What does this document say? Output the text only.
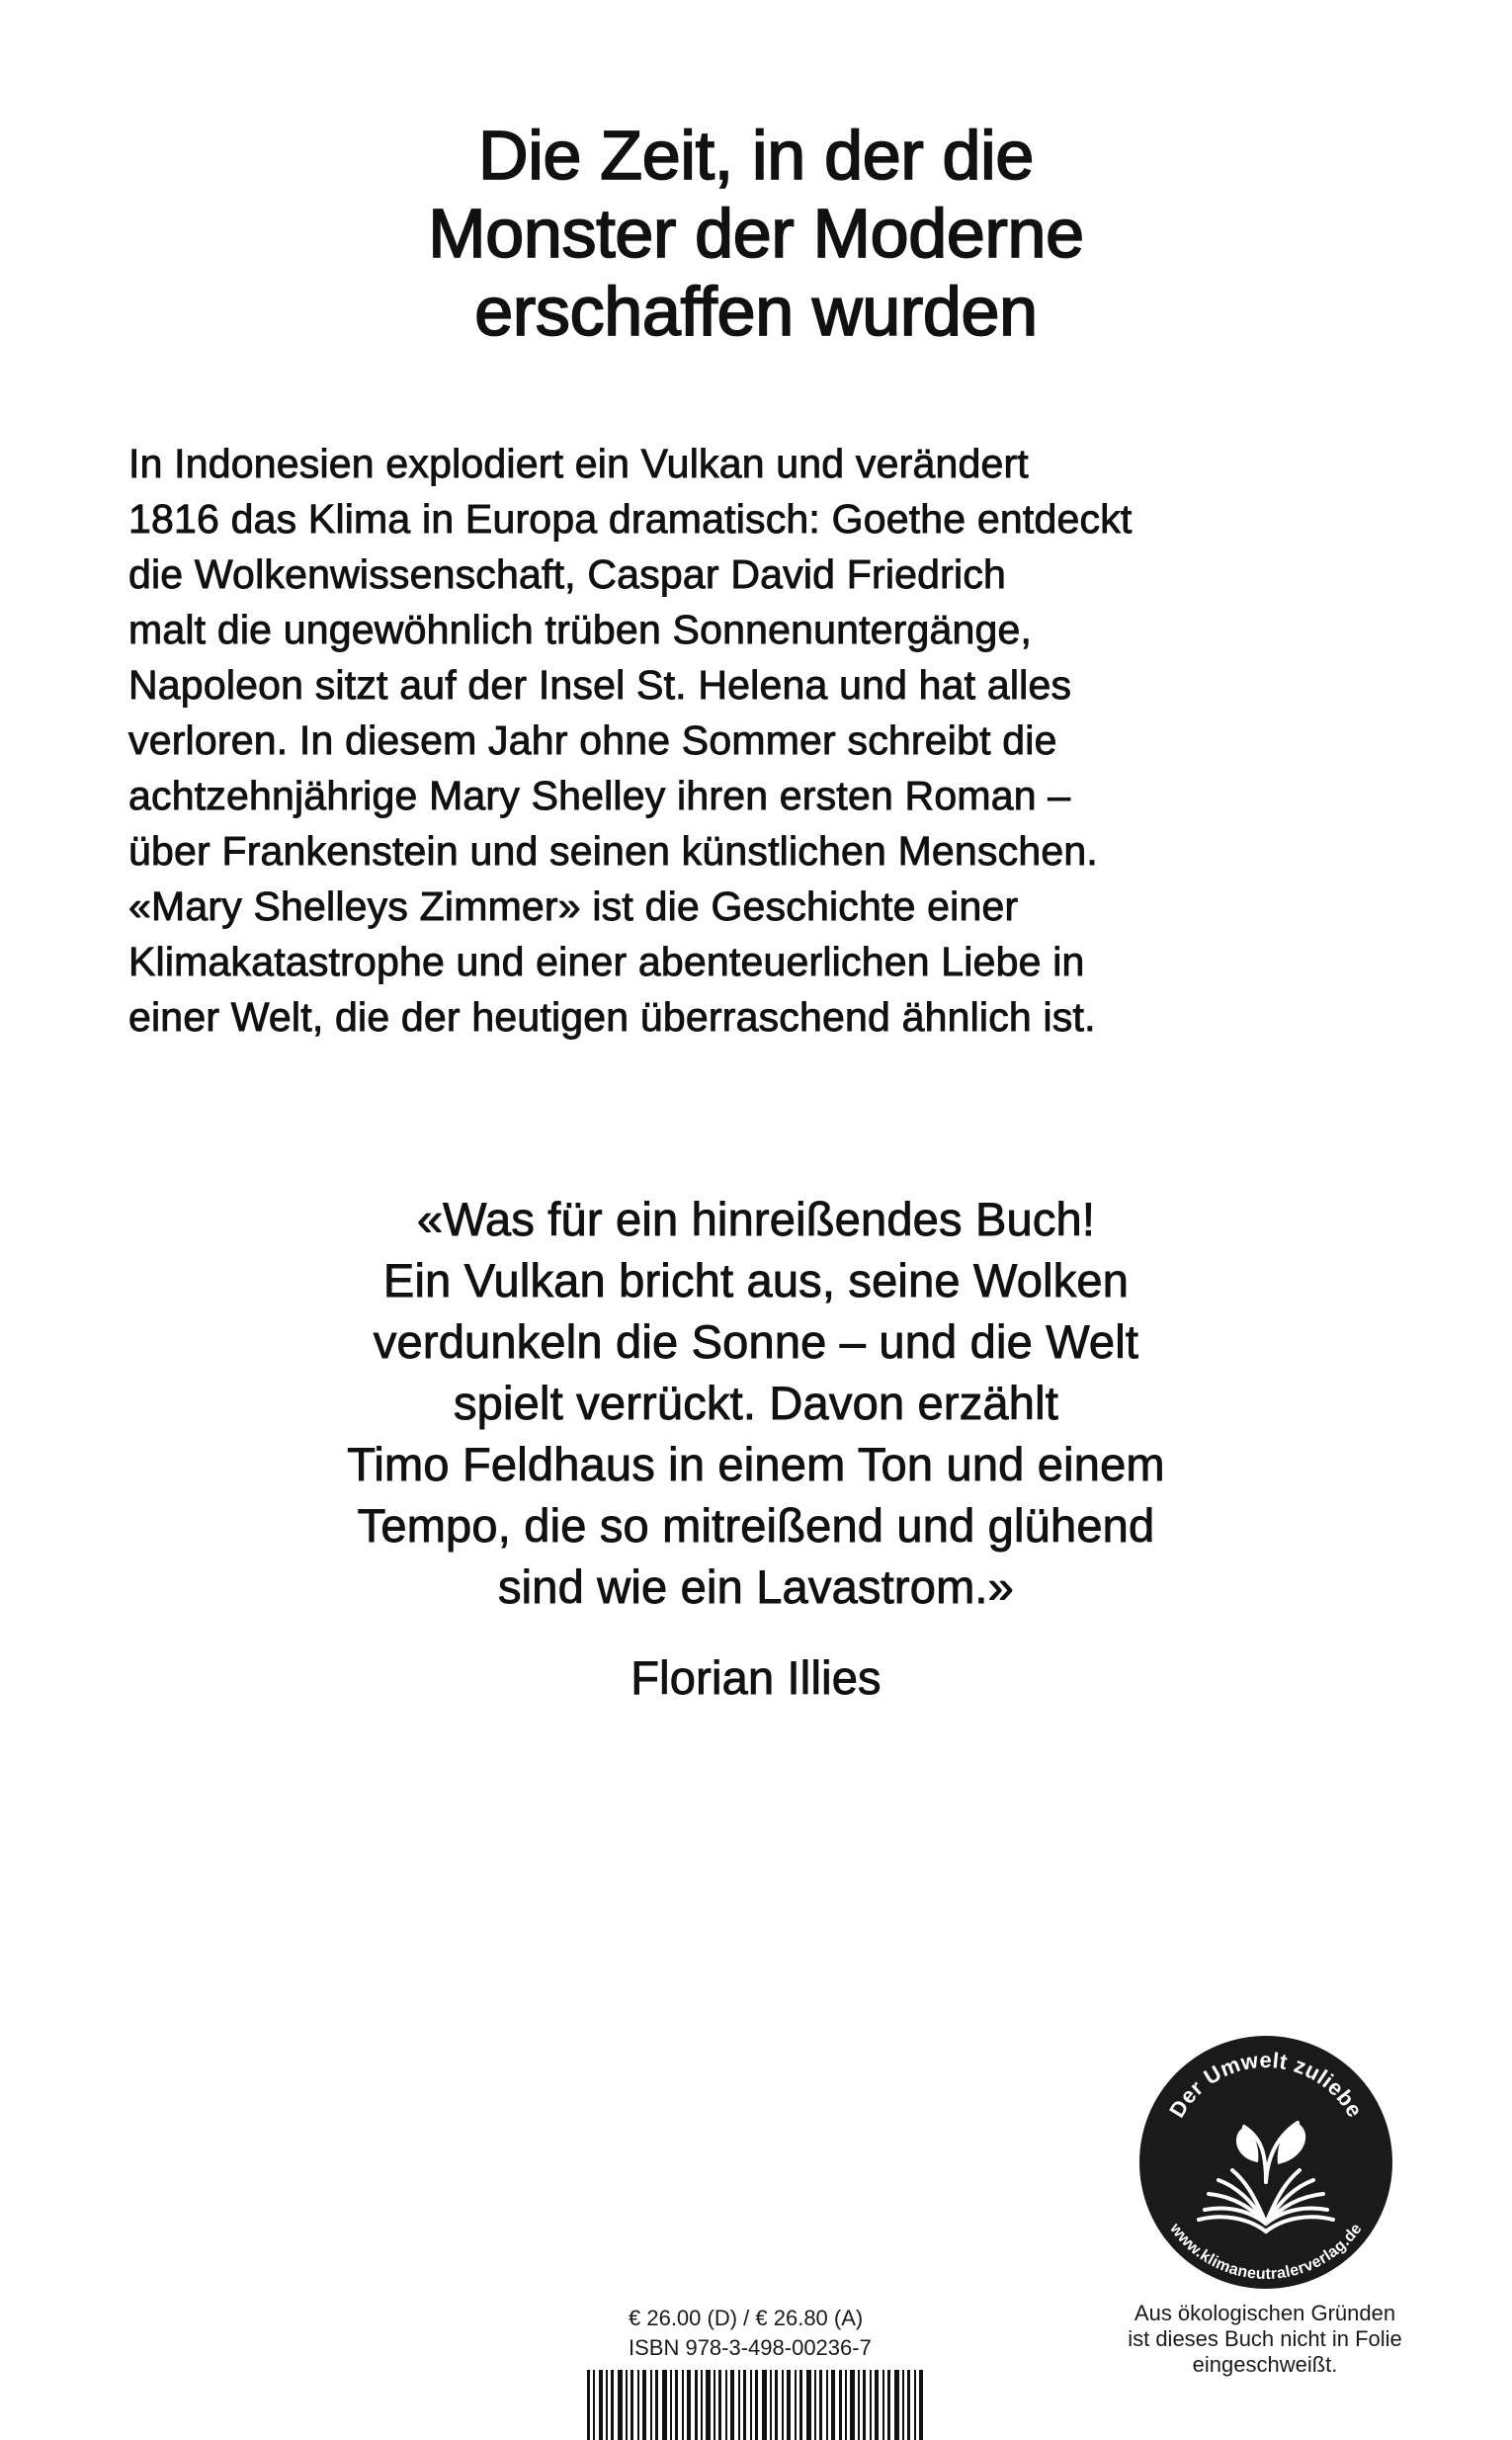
Die Zeit, in der die
Monster der Moderne
erschaffen wurden
In Indonesien explodiert ein Vulkan und verändert
1816 das Klima in Europa dramatisch: Goethe entdeckt
die Wolkenwissenschaft, Caspar David Friedrich
malt die ungewöhnlich trüben Sonnenuntergänge,
Napoleon sitzt auf der Insel St. Helena und hat alles
verloren. In diesem Jahr ohne Sommer schreibt die
achtzehnjährige Mary Shelley ihren ersten Roman –
über Frankenstein und seinen künstlichen Menschen.
«Mary Shelleys Zimmer» ist die Geschichte einer
Klimakatastrophe und einer abenteuerlichen Liebe in
einer Welt, die der heutigen überraschend ähnlich ist.
«Was für ein hinreißendes Buch!
Ein Vulkan bricht aus, seine Wolken
verdunkeln die Sonne – und die Welt
spielt verrückt. Davon erzählt
Timo Feldhaus in einem Ton und einem
Tempo, die so mitreißend und glühend
sind wie ein Lavastrom.»

Florian Illies

Der Umwelt zuliebe
www.klimaneutralerverlag.de
Aus ökologischen Gründen
ist dieses Buch nicht in Folie
eingeschweißt.

€ 26.00 (D) / € 26.80 (A)

ISBN 978-3-498-00236-7
